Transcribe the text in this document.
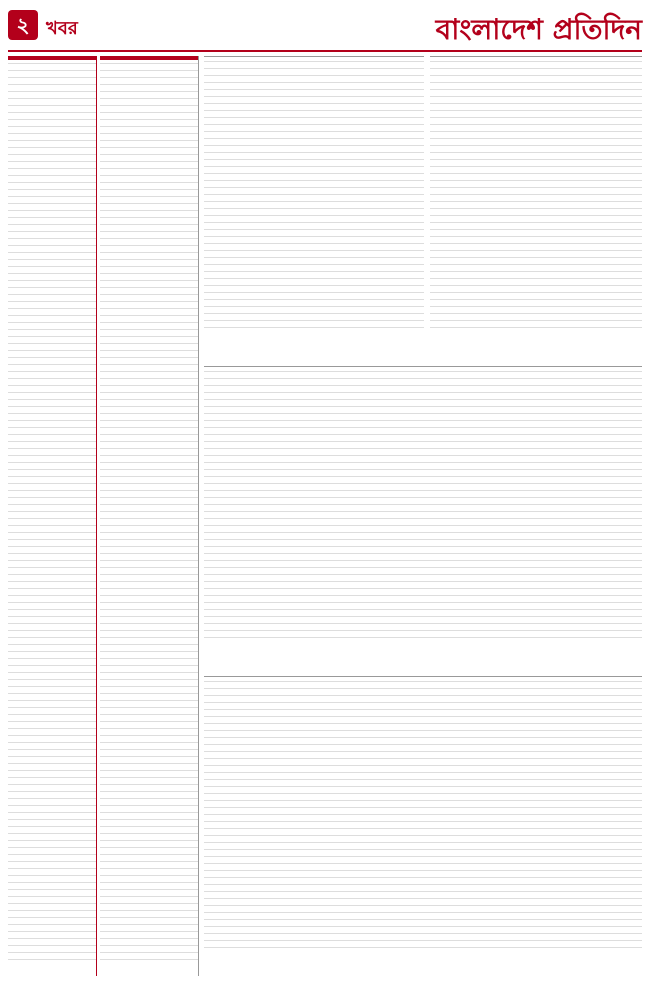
২ খবর	বাংলাদেশ প্রতিদিন
